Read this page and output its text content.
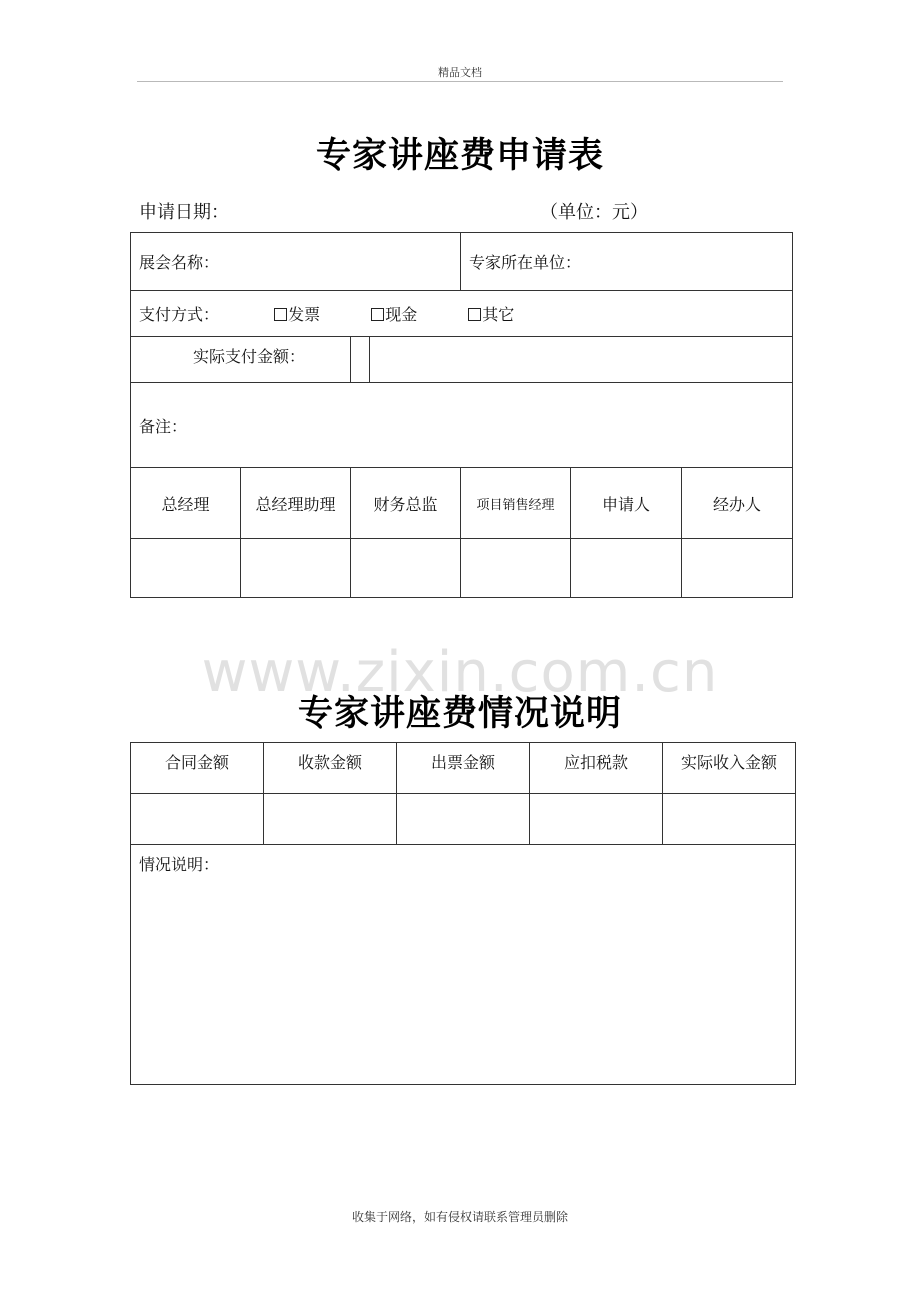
精品文档
专家讲座费申请表
申请日期：	（单位：元）
展会名称：			专家所在单位：		
支付方式： 发票 现金 其它					
实际支付金额：					
备注：					
总经理	总经理助理	财务总监	项目销售经理	申请人	经办人

www.zixin.com.cn
专家讲座费情况说明
合同金额	收款金额	出票金额	应扣税款	实际收入金额

情况说明：				
收集于网络，如有侵权请联系管理员删除
